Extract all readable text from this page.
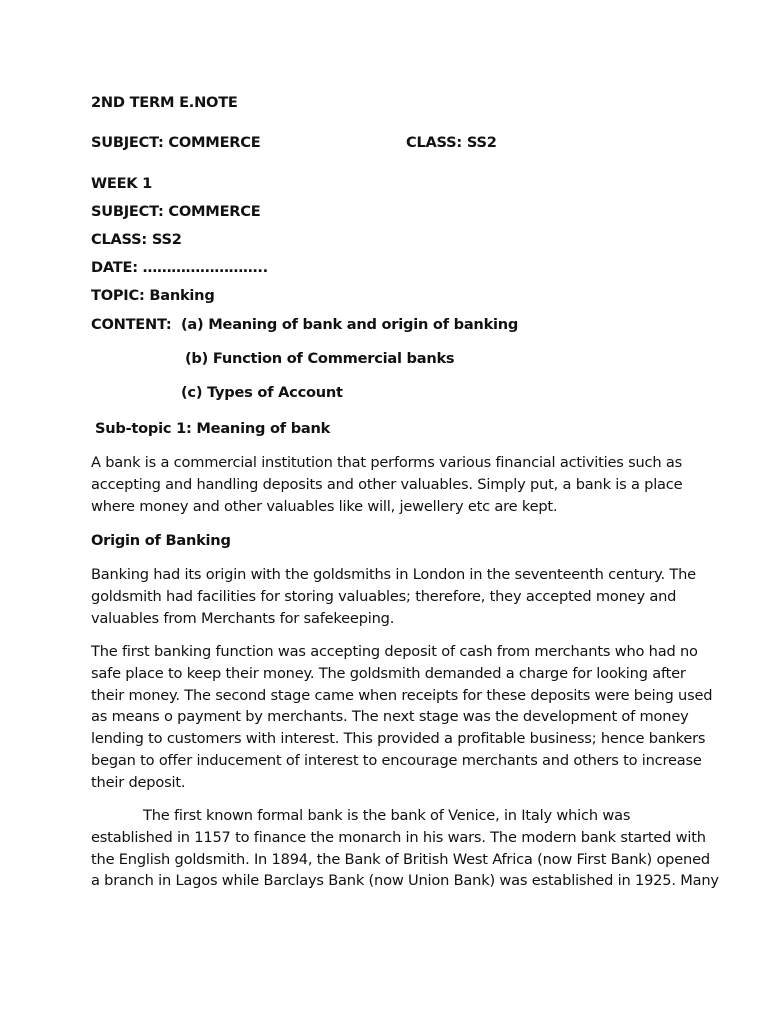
2ND TERM E.NOTE
SUBJECT: COMMERCE	CLASS: SS2
WEEK 1
SUBJECT: COMMERCE
CLASS: SS2
DATE: ……………………..
TOPIC: Banking
CONTENT: (a) Meaning of bank and origin of banking
(b) Function of Commercial banks
(c) Types of Account
Sub-topic 1: Meaning of bank
A bank is a commercial institution that performs various financial activities such as
accepting and handling deposits and other valuables. Simply put, a bank is a place
where money and other valuables like will, jewellery etc are kept.
Origin of Banking
Banking had its origin with the goldsmiths in London in the seventeenth century. The
goldsmith had facilities for storing valuables; therefore, they accepted money and
valuables from Merchants for safekeeping.
The first banking function was accepting deposit of cash from merchants who had no
safe place to keep their money. The goldsmith demanded a charge for looking after
their money. The second stage came when receipts for these deposits were being used
as means o payment by merchants. The next stage was the development of money
lending to customers with interest. This provided a profitable business; hence bankers
began to offer inducement of interest to encourage merchants and others to increase
their deposit.
The first known formal bank is the bank of Venice, in Italy which was
established in 1157 to finance the monarch in his wars. The modern bank started with
the English goldsmith. In 1894, the Bank of British West Africa (now First Bank) opened
a branch in Lagos while Barclays Bank (now Union Bank) was established in 1925. Many
